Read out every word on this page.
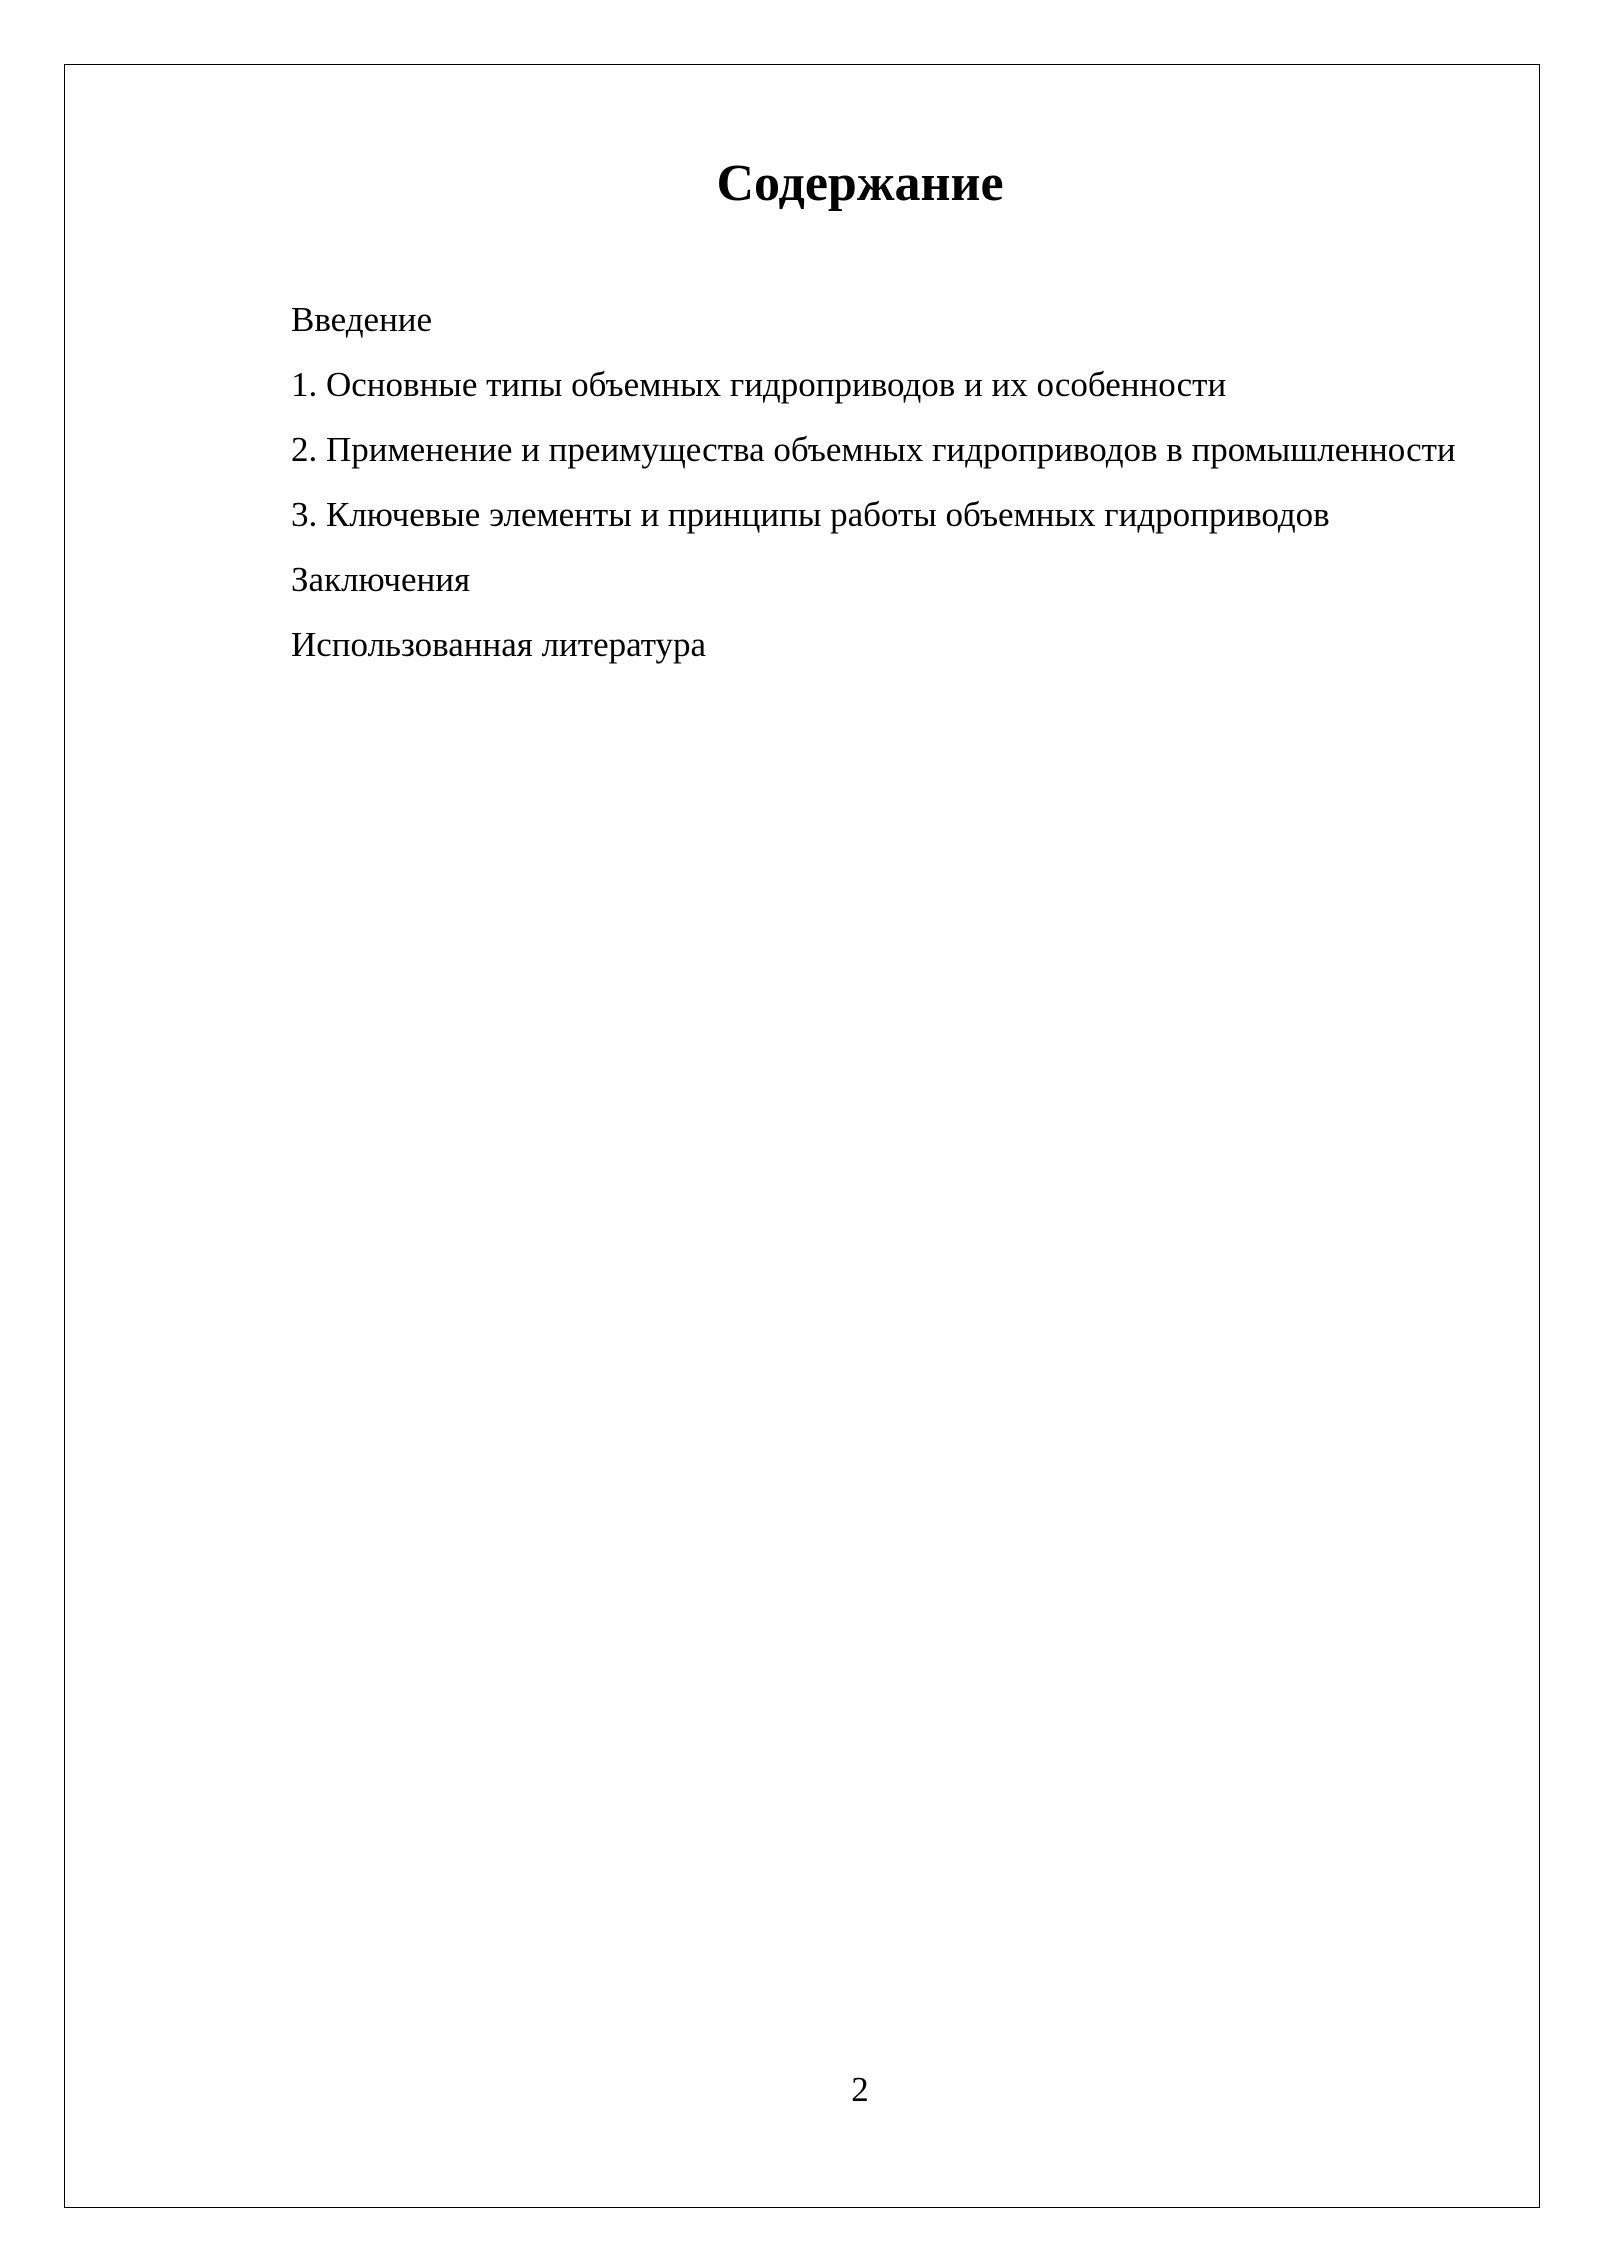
Содержание
Введение
1. Основные типы объемных гидроприводов и их особенности
2. Применение и преимущества объемных гидроприводов в промышленности
3. Ключевые элементы и принципы работы объемных гидроприводов
Заключения
Использованная литература
2
